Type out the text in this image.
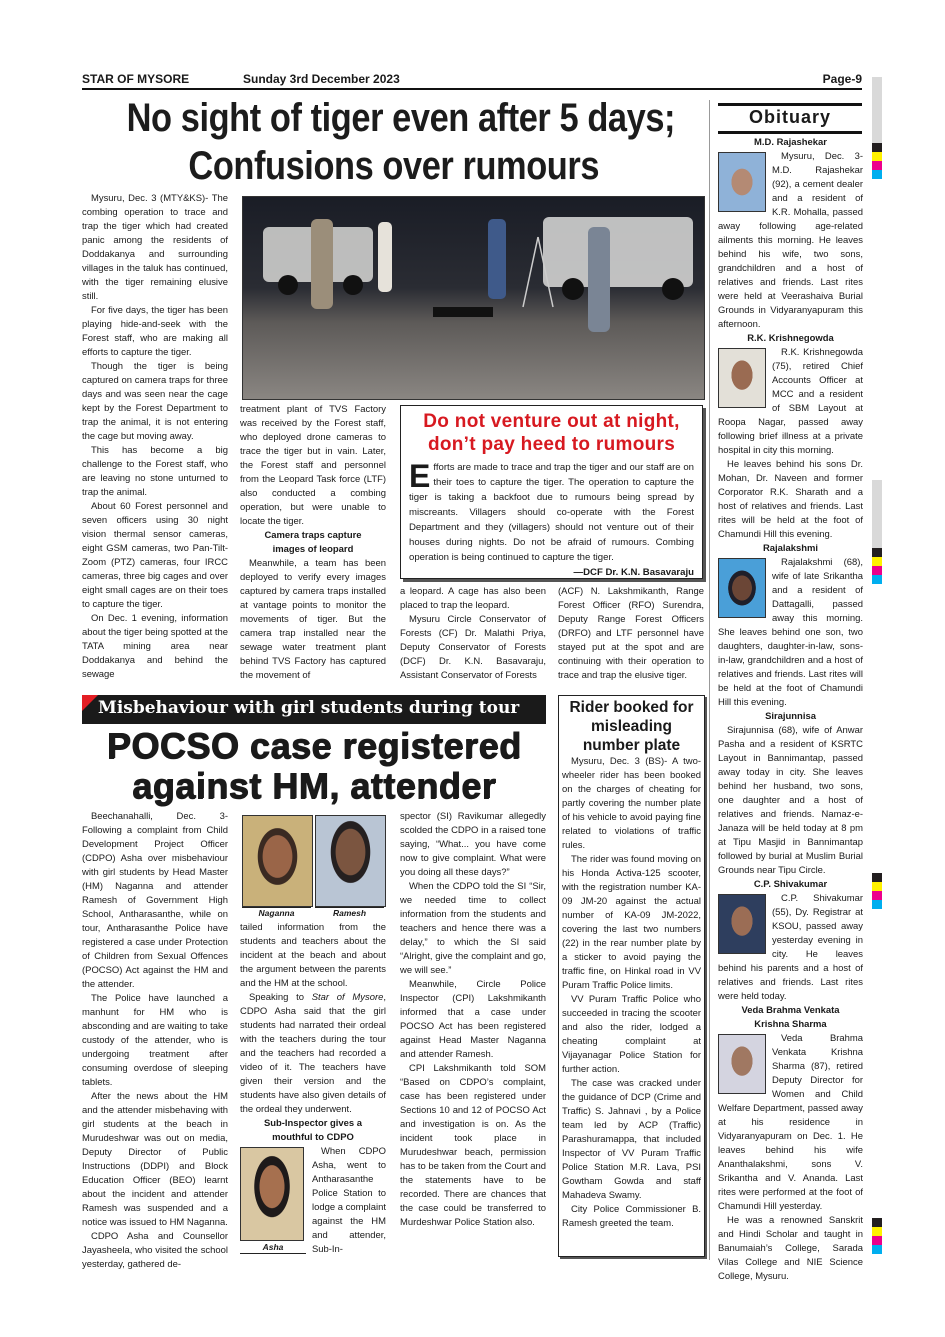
STAR OF MYSORE	Sunday 3rd December 2023	Page-9
No sight of tiger even after 5 days;
Confusions over rumours

Mysuru, Dec. 3 (MTY&KS)- The combing operation to trace and trap the tiger which had created panic among the residents of Doddakanya and surrounding villages in the taluk has continued, with the tiger remaining elusive still.

For five days, the tiger has been playing hide-and-seek with the Forest staff, who are making all efforts to capture the tiger.

Though the tiger is being captured on camera traps for three days and was seen near the cage kept by the Forest Department to trap the animal, it is not entering the cage but moving away.

This has become a big challenge to the Forest staff, who are leaving no stone unturned to trap the animal.

About 60 Forest personnel and seven officers using 30 night vision thermal sensor cameras, eight GSM cameras, two Pan-Tilt-Zoom (PTZ) cameras, four IRCC cameras, three big cages and over eight small cages are on their toes to capture the tiger.

On Dec. 1 evening, information about the tiger being spotted at the TATA mining area near Doddakanya and behind the sewage

treatment plant of TVS Factory was received by the Forest staff, who deployed drone cameras to trace the tiger but in vain. Later, the Forest staff and personnel from the Leopard Task force (LTF) also conducted a combing operation, but were unable to locate the tiger.

Camera traps capture images of leopard

Meanwhile, a team has been deployed to verify every images captured by camera traps installed at vantage points to monitor the movements of tiger. But the camera trap installed near the sewage water treatment plant behind TVS Factory has captured the movement of

Do not venture out at night,
don’t pay heed to rumours
Efforts are made to trace and trap the tiger and our staff are on their toes to capture the tiger. The operation to capture the tiger is taking a backfoot due to rumours being spread by miscreants. Villagers should co-operate with the Forest Department and they (villagers) should not venture out of their houses during nights. Do not be afraid of rumours. Combing operation is being continued to capture the tiger.
—DCF Dr. K.N. Basavaraju

a leopard. A cage has also been placed to trap the leopard.

Mysuru Circle Conservator of Forests (CF) Dr. Malathi Priya, Deputy Conservator of Forests (DCF) Dr. K.N. Basavaraju, Assistant Conservator of Forests

(ACF) N. Lakshmikanth, Range Forest Officer (RFO) Surendra, Deputy Range Forest Officers (DRFO) and LTF personnel have stayed put at the spot and are continuing with their operation to trace and trap the elusive tiger.

Misbehaviour with girl students during tour
POCSO case registered
against HM, attender
Naganna	Ramesh

Beechanahalli, Dec. 3- Following a complaint from Child Development Project Officer (CDPO) Asha over misbehaviour with girl students by Head Master (HM) Naganna and attender Ramesh of Government High School, Antharasanthe, while on tour, Antharasanthe Police have registered a case under Protection of Children from Sexual Offences (POCSO) Act against the HM and the attender.

The Police have launched a manhunt for HM who is absconding and are waiting to take custody of the attender, who is undergoing treatment after consuming overdose of sleeping tablets.

After the news about the HM and the attender misbehaving with girl students at the beach in Murudeshwar was out on media, Deputy Director of Public Instructions (DDPI) and Block Education Officer (BEO) learnt about the incident and attender Ramesh was suspended and a notice was issued to HM Naganna.

CDPO Asha and Counsellor Jayasheela, who visited the school yesterday, gathered de-

tailed information from the students and teachers about the incident at the beach and about the argument between the parents and the HM at the school.

Speaking to Star of Mysore, CDPO Asha said that the girl students had narrated their ordeal with the teachers during the tour and the teachers had recorded a video of it. The teachers have given their version and the students have also given details of the ordeal they underwent.

Sub-Inspector gives a mouthful to CDPO

Asha

When CDPO Asha, went to Antharasanthe Police Station to lodge a complaint against the HM and attender, Sub-In-

spector (SI) Ravikumar allegedly scolded the CDPO in a raised tone saying, “What... you have come now to give complaint. What were you doing all these days?”

When the CDPO told the SI “Sir, we needed time to collect information from the students and teachers and hence there was a delay,” to which the SI said “Alright, give the complaint and go, we will see.”

Meanwhile, Circle Police Inspector (CPI) Lakshmikanth informed that a case under POCSO Act has been registered against Head Master Naganna and attender Ramesh.

CPI Lakshmikanth told SOM “Based on CDPO’s complaint, case has been registered under Sections 10 and 12 of POCSO Act and investigation is on. As the incident took place in Murudeshwar beach, permission has to be taken from the Court and the statements have to be recorded. There are chances that the case could be transferred to Murdeshwar Police Station also.

Rider booked for misleading number plate

Mysuru, Dec. 3 (BS)- A two-wheeler rider has been booked on the charges of cheating for partly covering the number plate of his vehicle to avoid paying fine related to violations of traffic rules.

The rider was found moving on his Honda Activa-125 scooter, with the registration number KA-09 JM-20 against the actual number of KA-09 JM-2022, covering the last two numbers (22) in the rear number plate by a sticker to avoid paying the traffic fine, on Hinkal road in VV Puram Traffic Police limits.

VV Puram Traffic Police who succeeded in tracing the scooter and also the rider, lodged a cheating complaint at Vijayanagar Police Station for further action.

The case was cracked under the guidance of DCP (Crime and Traffic) S. Jahnavi , by a Police team led by ACP (Traffic) Parashuramappa, that included Inspector of VV Puram Traffic Police Station M.R. Lava, PSI Gowtham Gowda and staff Mahadeva Swamy.

City Police Commissioner B. Ramesh greeted the team.

Obituary

M.D. Rajashekar

Mysuru, Dec. 3- M.D. Rajashekar (92), a cement dealer and a resident of K.R. Mohalla, passed away following age-related ailments this morning. He leaves behind his wife, two sons, grandchildren and a host of relatives and friends. Last rites were held at Veerashaiva Burial Grounds in Vidyaranyapuram this afternoon.

R.K. Krishnegowda

R.K. Krishnegowda (75), retired Chief Accounts Officer at MCC and a resident of SBM Layout at Roopa Nagar, passed away following brief illness at a private hospital in city this morning.

He leaves behind his sons Dr. Mohan, Dr. Naveen and former Corporator R.K. Sharath and a host of relatives and friends. Last rites will be held at the foot of Chamundi Hill this evening.

Rajalakshmi

Rajalakshmi (68), wife of late Srikantha and a resident of Dattagalli, passed away this morning. She leaves behind one son, two daughters, daughter-in-law, sons-in-law, grandchildren and a host of relatives and friends. Last rites will be held at the foot of Chamundi Hill this evening.

Sirajunnisa

Sirajunnisa (68), wife of Anwar Pasha and a resident of KSRTC Layout in Bannimantap, passed away today in city. She leaves behind her husband, two sons, one daughter and a host of relatives and friends. Namaz-e-Janaza will be held today at 8 pm at Tipu Masjid in Bannimantap followed by burial at Muslim Burial Grounds near Tipu Circle.

C.P. Shivakumar

C.P. Shivakumar (55), Dy. Registrar at KSOU, passed away yesterday evening in city. He leaves behind his parents and a host of relatives and friends. Last rites were held today.

Veda Brahma Venkata Krishna Sharma

Veda Brahma Venkata Krishna Sharma (87), retired Deputy Director for Women and Child Welfare Department, passed away at his residence in Vidyaranyapuram on Dec. 1. He leaves behind his wife Ananthalakshmi, sons V. Srikantha and V. Ananda. Last rites were performed at the foot of Chamundi Hill yesterday.

He was a renowned Sanskrit and Hindi Scholar and taught in Banumaiah’s College, Sarada Vilas College and NIE Science College, Mysuru.
